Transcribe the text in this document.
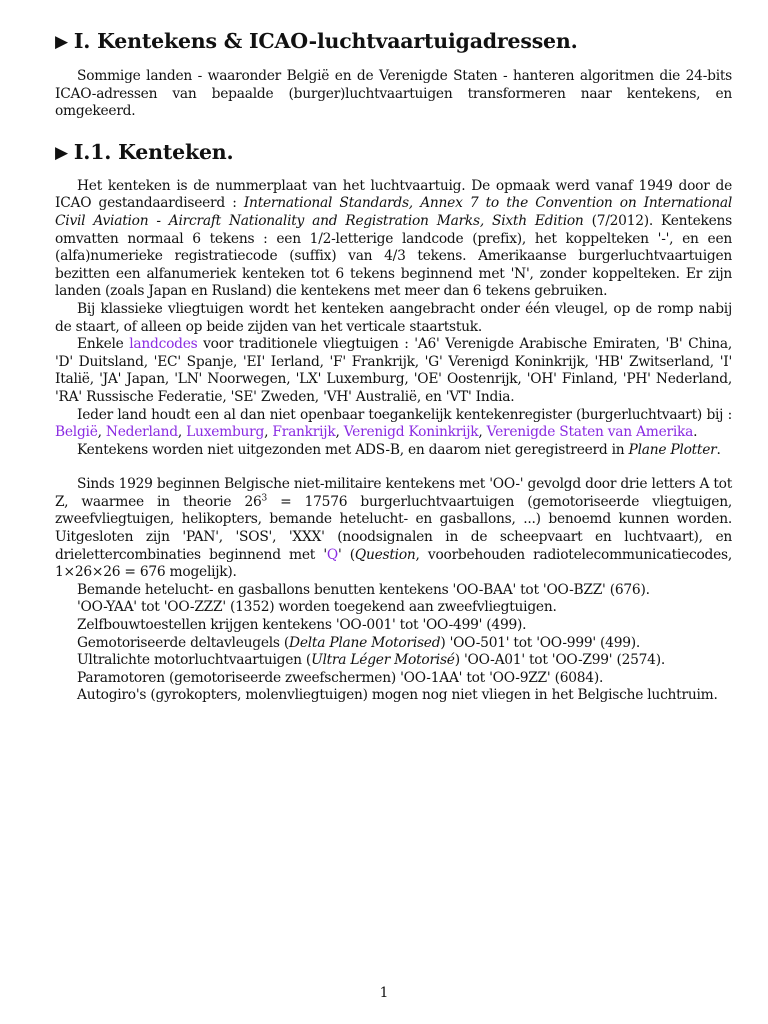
▶ I. Kentekens & ICAO-luchtvaartuigadressen.

Sommige landen - waaronder België en de Verenigde Staten - hanteren algoritmen die 24-bits ICAO-adressen van bepaalde (burger)luchtvaartuigen transformeren naar kentekens, en omgekeerd.

▶ I.1. Kenteken.

Het kenteken is de nummerplaat van het luchtvaartuig. De opmaak werd vanaf 1949 door de ICAO gestandaardiseerd : International Standards, Annex 7 to the Convention on International Civil Aviation - Aircraft Nationality and Registration Marks, Sixth Edition (7/2012). Kentekens omvatten normaal 6 tekens : een 1/2-letterige landcode (prefix), het koppelteken '-', en een (alfa)numerieke registratiecode (suffix) van 4/3 tekens. Amerikaanse burgerluchtvaartuigen bezitten een alfanumeriek kenteken tot 6 tekens beginnend met 'N', zonder koppelteken. Er zijn landen (zoals Japan en Rusland) die kentekens met meer dan 6 tekens gebruiken.

Bij klassieke vliegtuigen wordt het kenteken aangebracht onder één vleugel, op de romp nabij de staart, of alleen op beide zijden van het verticale staartstuk.

Enkele landcodes voor traditionele vliegtuigen : 'A6' Verenigde Arabische Emiraten, 'B' China, 'D' Duitsland, 'EC' Spanje, 'EI' Ierland, 'F' Frankrijk, 'G' Verenigd Koninkrijk, 'HB' Zwitserland, 'I' Italië, 'JA' Japan, 'LN' Noorwegen, 'LX' Luxemburg, 'OE' Oostenrijk, 'OH' Finland, 'PH' Nederland, 'RA' Russische Federatie, 'SE' Zweden, 'VH' Australië, en 'VT' India.

Ieder land houdt een al dan niet openbaar toegankelijk kentekenregister (burgerluchtvaart) bij : België, Nederland, Luxemburg, Frankrijk, Verenigd Koninkrijk, Verenigde Staten van Amerika.

Kentekens worden niet uitgezonden met ADS-B, en daarom niet geregistreerd in Plane Plotter.

Sinds 1929 beginnen Belgische niet-militaire kentekens met 'OO-' gevolgd door drie letters A tot Z, waarmee in theorie $26^3 = 17576$ burgerluchtvaartuigen (gemotoriseerde vliegtuigen, zweefvliegtuigen, helikopters, bemande hetelucht- en gasballons, ...) benoemd kunnen worden. Uitgesloten zijn 'PAN', 'SOS', 'XXX' (noodsignalen in de scheepvaart en luchtvaart), en drielettercombinaties beginnend met 'Q' (Question, voorbehouden radiotelecommunicatiecodes, 1×26×26 = 676 mogelijk).

Bemande hetelucht- en gasballons benutten kentekens 'OO-BAA' tot 'OO-BZZ' (676).

'OO-YAA' tot 'OO-ZZZ' (1352) worden toegekend aan zweefvliegtuigen.

Zelfbouwtoestellen krijgen kentekens 'OO-001' tot 'OO-499' (499).

Gemotoriseerde deltavleugels (Delta Plane Motorised) 'OO-501' tot 'OO-999' (499).

Ultralichte motorluchtvaartuigen (Ultra Léger Motorisé) 'OO-A01' tot 'OO-Z99' (2574).

Paramotoren (gemotoriseerde zweefschermen) 'OO-1AA' tot 'OO-9ZZ' (6084).

Autogiro's (gyrokopters, molenvliegtuigen) mogen nog niet vliegen in het Belgische luchtruim.

1
